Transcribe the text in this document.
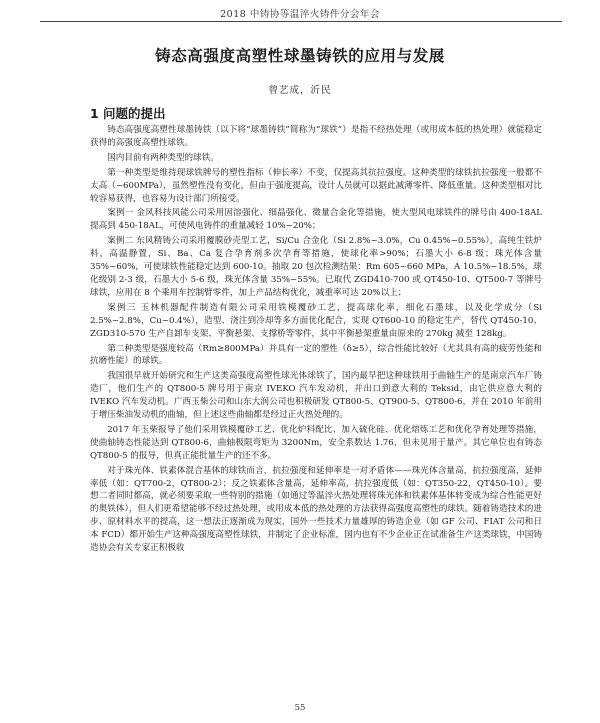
2018 中铸协等温淬火铸件分会年会
铸态高强度高塑性球墨铸铁的应用与发展
曾艺成，沂民
1 问题的提出

铸态高强度高塑性球墨铸铁（以下将“球墨铸铁”简称为“球铁”）是指不经热处理（或用成本低的热处理）就能稳定获得的高强度高塑性球铁。

国内目前有两种类型的球铁。

第一种类型是维持现球铁牌号的塑性指标（伸长率）不变，仅提高其抗拉强度。这种类型的球铁抗拉强度一般都不太高（~600MPa），虽然塑性没有变化，但由于强度提高，设计人员就可以据此减薄零件、降低重量。这种类型相对比较容易获得，也容易为设计部门所接受。

案例一 金风科技风能公司采用固溶强化、细晶强化、微量合金化等措施，使大型风电球铁件的牌号由 400-18AL 提高到 450-18AL，可使风电铸件的重量减轻 10%~20%；

案例二 东风精铸公司采用覆膜砂壳型工艺，Si/Cu 合金化（Si 2.8%~3.0%，Cu 0.45%~0.55%），高纯生铁炉料，高温静置，Si、Ba、Ca 复合孕育剂多次孕育等措施，使球化率>90%；石墨大小 6-8 级；珠光体含量 35%~60%，可使球铁性能稳定达到 600-10。抽取 20 包次检测结果：Rm 605~660 MPa，A 10.5%~18.5%，球化级别 2-3 级，石墨大小 5-6 级，珠光体含量 35%~55%。已取代 ZGD410-700 或 QT450-10、QT500-7 等牌号球铁，应用在 8 个乘用车控制臂零件，加上产品结构优化，减重率可达 20%以上；

案例三 玉林机器配件制造有限公司采用铁模覆砂工艺，提高球化率，细化石墨球，以及化学成分（Si 2.5%~2.8%，Cu~0.4%），造型、浇注到冷却等多方面优化配合，实现 QT600-10 的稳定生产，替代 QT450-10、ZGD310-570 生产自卸车支架、平衡悬架、支撑桥等零件，其中平衡悬架重量由原来的 270kg 减至 128kg。

第二种类型是强度较高（Rm≥800MPa）并具有一定的塑性（δ≥5），综合性能比较好（尤其具有高的疲劳性能和抗磨性能）的球铁。

我国很早就开始研究和生产这类高强度高塑性球光体球铁了，国内最早把这种球铁用于曲轴生产的是南京汽车厂铸造厂，他们生产的 QT800-5 牌号用于南京 IVEKO 汽车发动机，并出口到意大利的 Teksid，由它供应意大利的 IVEKO 汽车发动机。广西玉柴公司和山东大润公司也积极研发 QT800-5、QT900-5、QT800-6，并在 2010 年前用于增压柴油发动机的曲轴，但上述这些曲轴都是经过正火热处理的。

2017 年玉柴报导了他们采用铁模覆砂工艺、优化炉料配比、加入硫化硅、优化熔炼工艺和优化孕育处理等措施，使曲轴铸态性能达到 QT800-6，曲轴极限弯矩为 3200Nm，安全系数达 1.76，但未见用于量产。其它单位也有铸态 QT800-5 的报导，但真正能批量生产的还不多。

对于珠光体、铁素体混合基体的球铁而言，抗拉强度和延伸率是一对矛盾体——珠光体含量高，抗拉强度高，延伸率低（如：QT700-2，QT800-2）；反之铁素体含量高，延伸率高，抗拉强度低（如：QT350-22，QT450-10）。要想二者同时都高，就必须要采取一些特别的措施（如通过等温淬火热处理将珠光体和铁素体基体转变成为综合性能更好的奥铁体），但人们更希望能够不经过热处理，或用成本低的热处理的方法获得高强度高塑性的球铁。随着铸造技术的进步、原材料水平的提高，这一想法正逐渐成为现实，国外一些技术力量雄厚的铸造企业（如 GF 公司、FIAT 公司和日本 FCD）都开始生产这种高强度高塑性球铁，并制定了企业标准，国内也有不少企业正在试准备生产这类球铁，中国铸造协会有关专家正积极收

55
